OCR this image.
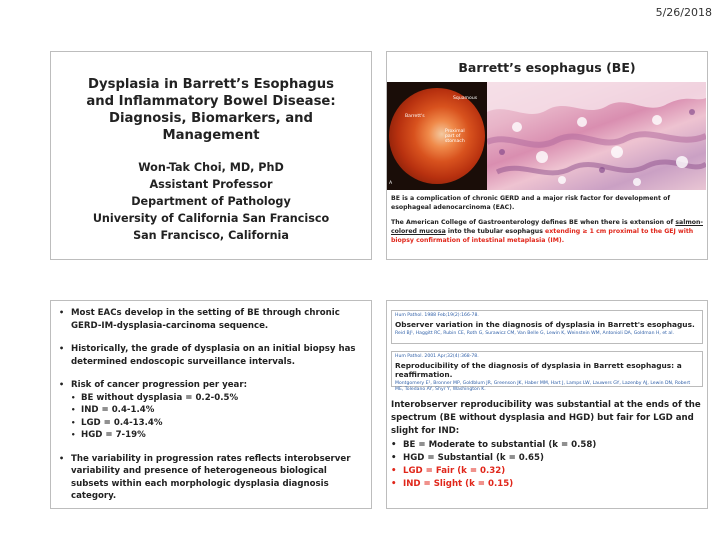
5/26/2018
Dysplasia in Barrett’s Esophagus
and Inflammatory Bowel Disease:
Diagnosis, Biomarkers, and
Management
Won-Tak Choi, MD, PhD
Assistant Professor
Department of Pathology
University of California San Francisco
San Francisco, California
Barrett’s esophagus (BE)
Squamous
Barrett's
Proximal part of stomach
A

BE is a complication of chronic GERD and a major risk factor for development of esophageal adenocarcinoma (EAC).

The American College of Gastroenterology defines BE when there is extension of salmon-colored mucosa into the tubular esophagus extending ≥ 1 cm proximal to the GEJ with biopsy confirmation of intestinal metaplasia (IM).

• Most EACs develop in the setting of BE through chronic GERD-IM-dysplasia-carcinoma sequence.
• Historically, the grade of dysplasia on an initial biopsy has determined endoscopic surveillance intervals.
• Risk of cancer progression per year:
• BE without dysplasia = 0.2-0.5%
• IND = 0.4-1.4%
• LGD = 0.4-13.4%
• HGD = 7-19%
• The variability in progression rates reflects interobserver variability and presence of heterogeneous biological subsets within each morphologic dysplasia diagnosis category.
Hum Pathol. 1988 Feb;19(2):166-78.
Observer variation in the diagnosis of dysplasia in Barrett's esophagus.
Reid BJ¹, Haggitt RC, Rubin CE, Roth G, Surawicz CM, Van Belle G, Lewin K, Weinstein WM, Antonioli DA, Goldman H, et al.
Hum Pathol. 2001 Apr;32(4):368-78.
Reproducibility of the diagnosis of dysplasia in Barrett esophagus: a reaffirmation.
Montgomery E¹, Bronner MP, Goldblum JR, Greenson JK, Haber MM, Hart J, Lamps LW, Lauwers GY, Lazenby AJ, Lewin DN, Robert ME, Toledano AY, Shyr Y, Washington K.
Interobserver reproducibility was substantial at the ends of the spectrum (BE without dysplasia and HGD) but fair for LGD and slight for IND:
• BE = Moderate to substantial (k = 0.58)
• HGD = Substantial (k = 0.65)
• LGD = Fair (k = 0.32)
• IND = Slight (k = 0.15)
